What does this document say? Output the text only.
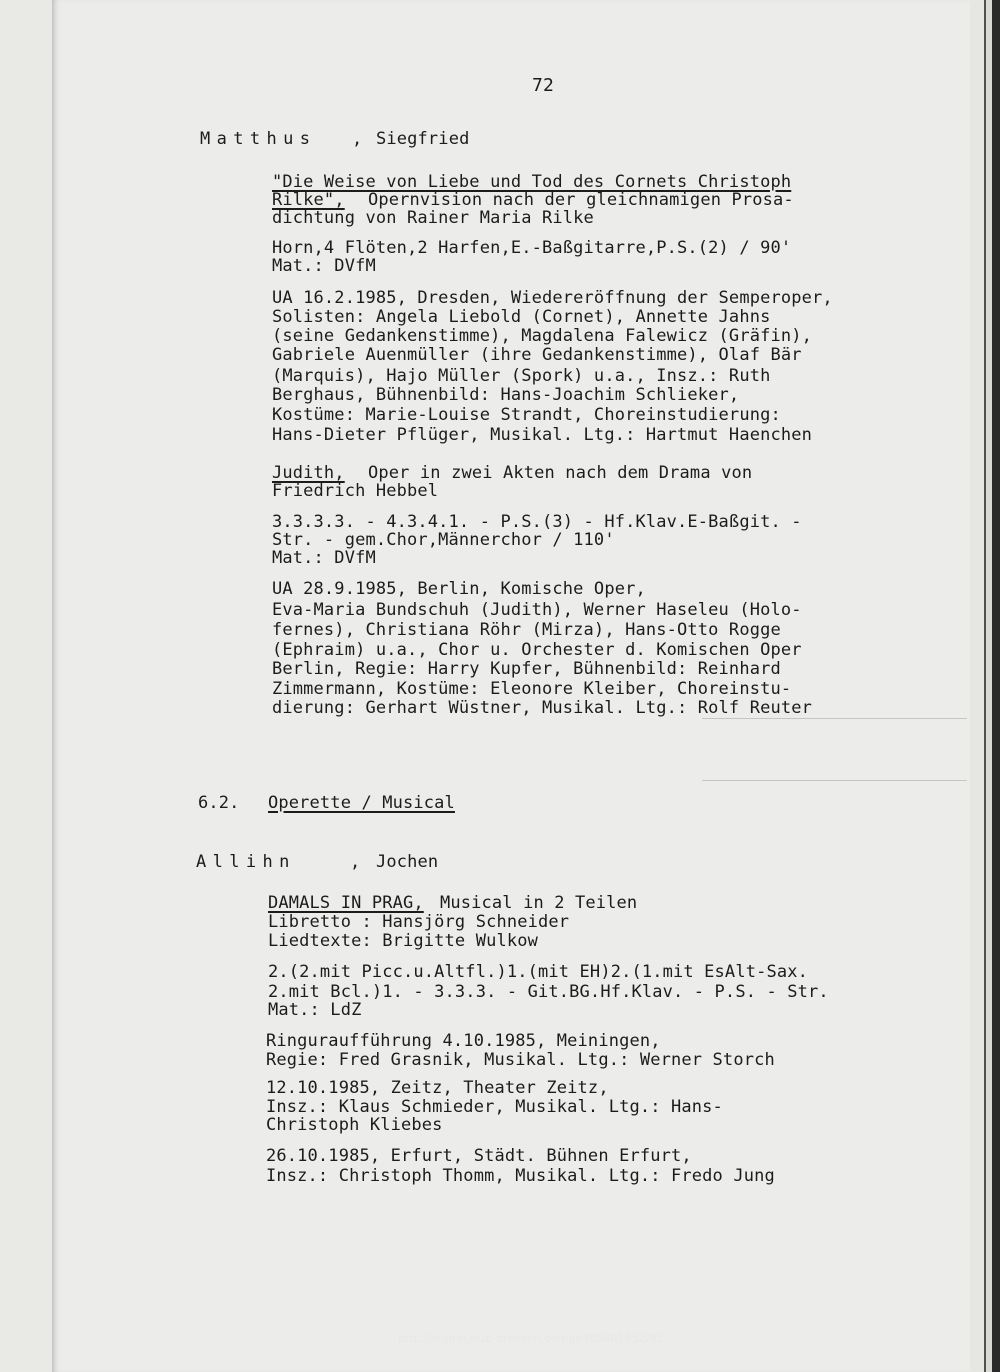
72
Matthus , Siegfried
"Die Weise von Liebe und Tod des Cornets Christoph
Rilke", Opernvision nach der gleichnamigen Prosa-
dichtung von Rainer Maria Rilke
Horn,4 Flöten,2 Harfen,E.-Baßgitarre,P.S.(2) / 90'
Mat.: DVfM
UA 16.2.1985, Dresden, Wiedereröffnung der Semperoper,
Solisten: Angela Liebold (Cornet), Annette Jahns
(seine Gedankenstimme), Magdalena Falewicz (Gräfin),
Gabriele Auenmüller (ihre Gedankenstimme), Olaf Bär
(Marquis), Hajo Müller (Spork) u.a., Insz.: Ruth
Berghaus, Bühnenbild: Hans-Joachim Schlieker,
Kostüme: Marie-Louise Strandt, Choreinstudierung:
Hans-Dieter Pflüger, Musikal. Ltg.: Hartmut Haenchen
Judith, Oper in zwei Akten nach dem Drama von
Friedrich Hebbel
3.3.3.3. - 4.3.4.1. - P.S.(3) - Hf.Klav.E-Baßgit. -
Str. - gem.Chor,Männerchor / 110'
Mat.: DVfM
UA 28.9.1985, Berlin, Komische Oper,
Eva-Maria Bundschuh (Judith), Werner Haseleu (Holo-
fernes), Christiana Röhr (Mirza), Hans-Otto Rogge
(Ephraim) u.a., Chor u. Orchester d. Komischen Oper
Berlin, Regie: Harry Kupfer, Bühnenbild: Reinhard
Zimmermann, Kostüme: Eleonore Kleiber, Choreinstu-
dierung: Gerhart Wüstner, Musikal. Ltg.: Rolf Reuter
6.2. Operette / Musical
Allihn	, Jochen
DAMALS IN PRAG, Musical in 2 Teilen
Libretto : Hansjörg Schneider
Liedtexte: Brigitte Wulkow
2.(2.mit Picc.u.Altfl.)1.(mit EH)2.(1.mit EsAlt-Sax.
2.mit Bcl.)1. - 3.3.3. - Git.BG.Hf.Klav. - P.S. - Str.
Mat.: LdZ
Ringuraufführung 4.10.1985, Meiningen,
Regie: Fred Grasnik, Musikal. Ltg.: Werner Storch
12.10.1985, Zeitz, Theater Zeitz,
Insz.: Klaus Schmieder, Musikal. Ltg.: Hans-
Christoph Kliebes
26.10.1985, Erfurt, Städt. Bühnen Erfurt,
Insz.: Christoph Thomm, Musikal. Ltg.: Fredo Jung
http://digital.slub-dresden.de/ppn30580165Z/82
